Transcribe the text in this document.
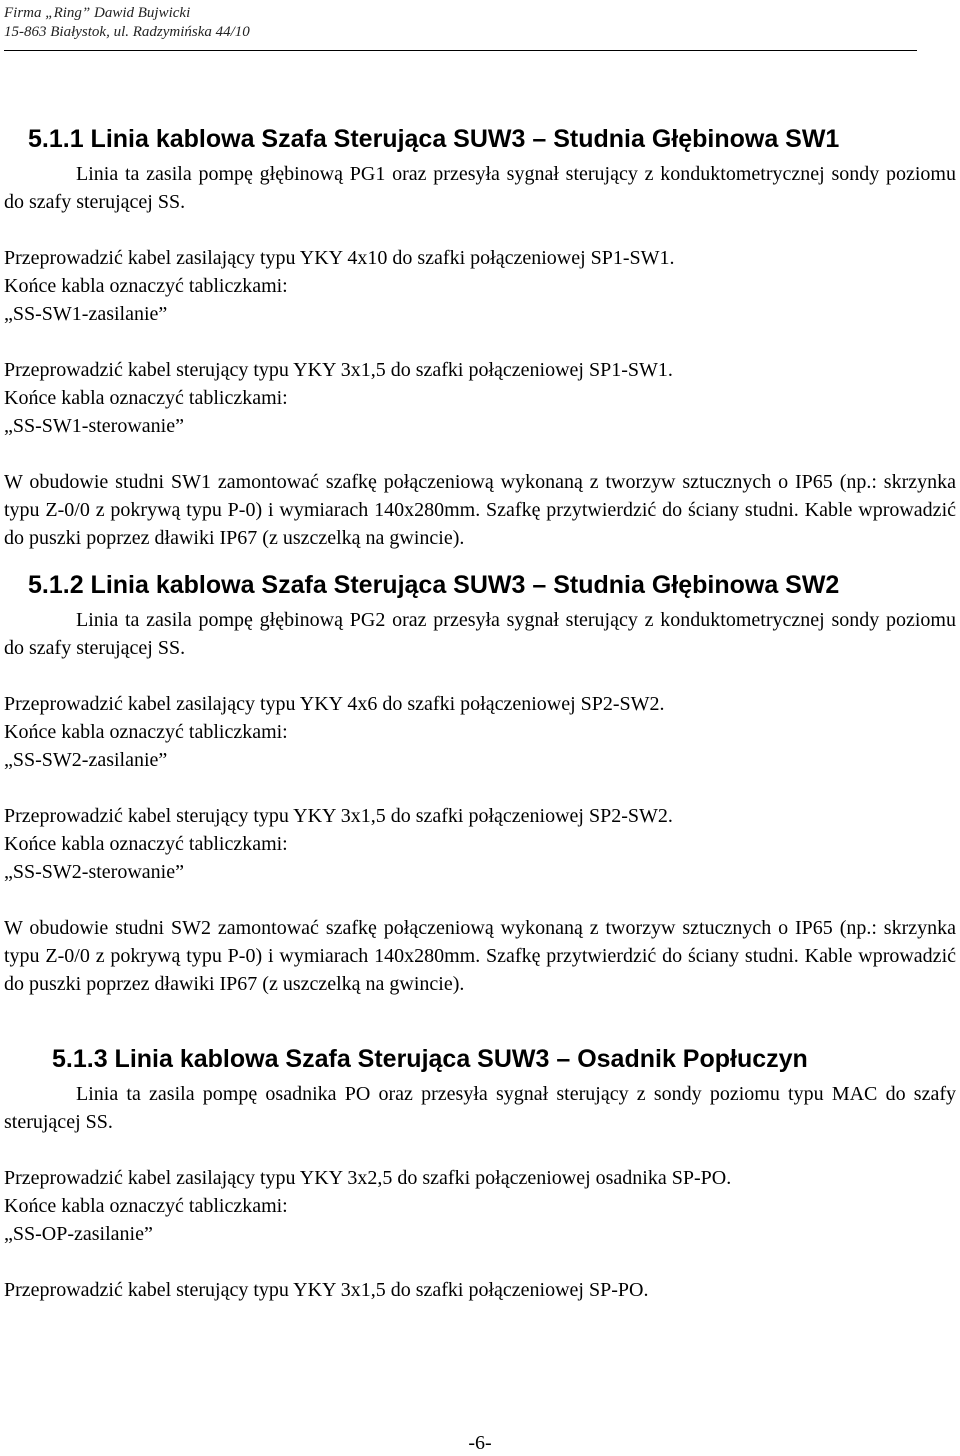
Firma „Ring” Dawid Bujwicki
15-863 Białystok, ul. Radzymińska 44/10
5.1.1 Linia kablowa Szafa Sterująca SUW3 – Studnia Głębinowa SW1

Linia ta zasila pompę głębinową PG1 oraz przesyła sygnał sterujący z konduktometrycznej sondy poziomu do szafy sterującej SS.

Przeprowadzić kabel zasilający typu YKY 4x10 do szafki połączeniowej SP1-SW1.

Końce kabla oznaczyć tabliczkami:

„SS-SW1-zasilanie”

Przeprowadzić kabel sterujący typu YKY 3x1,5 do szafki połączeniowej SP1-SW1.

Końce kabla oznaczyć tabliczkami:

„SS-SW1-sterowanie”

W obudowie studni SW1 zamontować szafkę połączeniową wykonaną z tworzyw sztucznych o IP65 (np.: skrzynka typu Z-0/0 z pokrywą typu P-0) i wymiarach 140x280mm. Szafkę przytwierdzić do ściany studni. Kable wprowadzić do puszki poprzez dławiki IP67 (z uszczelką na gwincie).

5.1.2 Linia kablowa Szafa Sterująca SUW3 – Studnia Głębinowa SW2

Linia ta zasila pompę głębinową PG2 oraz przesyła sygnał sterujący z konduktometrycznej sondy poziomu do szafy sterującej SS.

Przeprowadzić kabel zasilający typu YKY 4x6 do szafki połączeniowej SP2-SW2.

Końce kabla oznaczyć tabliczkami:

„SS-SW2-zasilanie”

Przeprowadzić kabel sterujący typu YKY 3x1,5 do szafki połączeniowej SP2-SW2.

Końce kabla oznaczyć tabliczkami:

„SS-SW2-sterowanie”

W obudowie studni SW2 zamontować szafkę połączeniową wykonaną z tworzyw sztucznych o IP65 (np.: skrzynka typu Z-0/0 z pokrywą typu P-0) i wymiarach 140x280mm. Szafkę przytwierdzić do ściany studni. Kable wprowadzić do puszki poprzez dławiki IP67 (z uszczelką na gwincie).

5.1.3 Linia kablowa Szafa Sterująca SUW3 – Osadnik Popłuczyn

Linia ta zasila pompę osadnika PO oraz przesyła sygnał sterujący z sondy poziomu typu MAC do szafy sterującej SS.

Przeprowadzić kabel zasilający typu YKY 3x2,5 do szafki połączeniowej osadnika SP-PO.

Końce kabla oznaczyć tabliczkami:

„SS-OP-zasilanie”

Przeprowadzić kabel sterujący typu YKY 3x1,5 do szafki połączeniowej SP-PO.

-6-
